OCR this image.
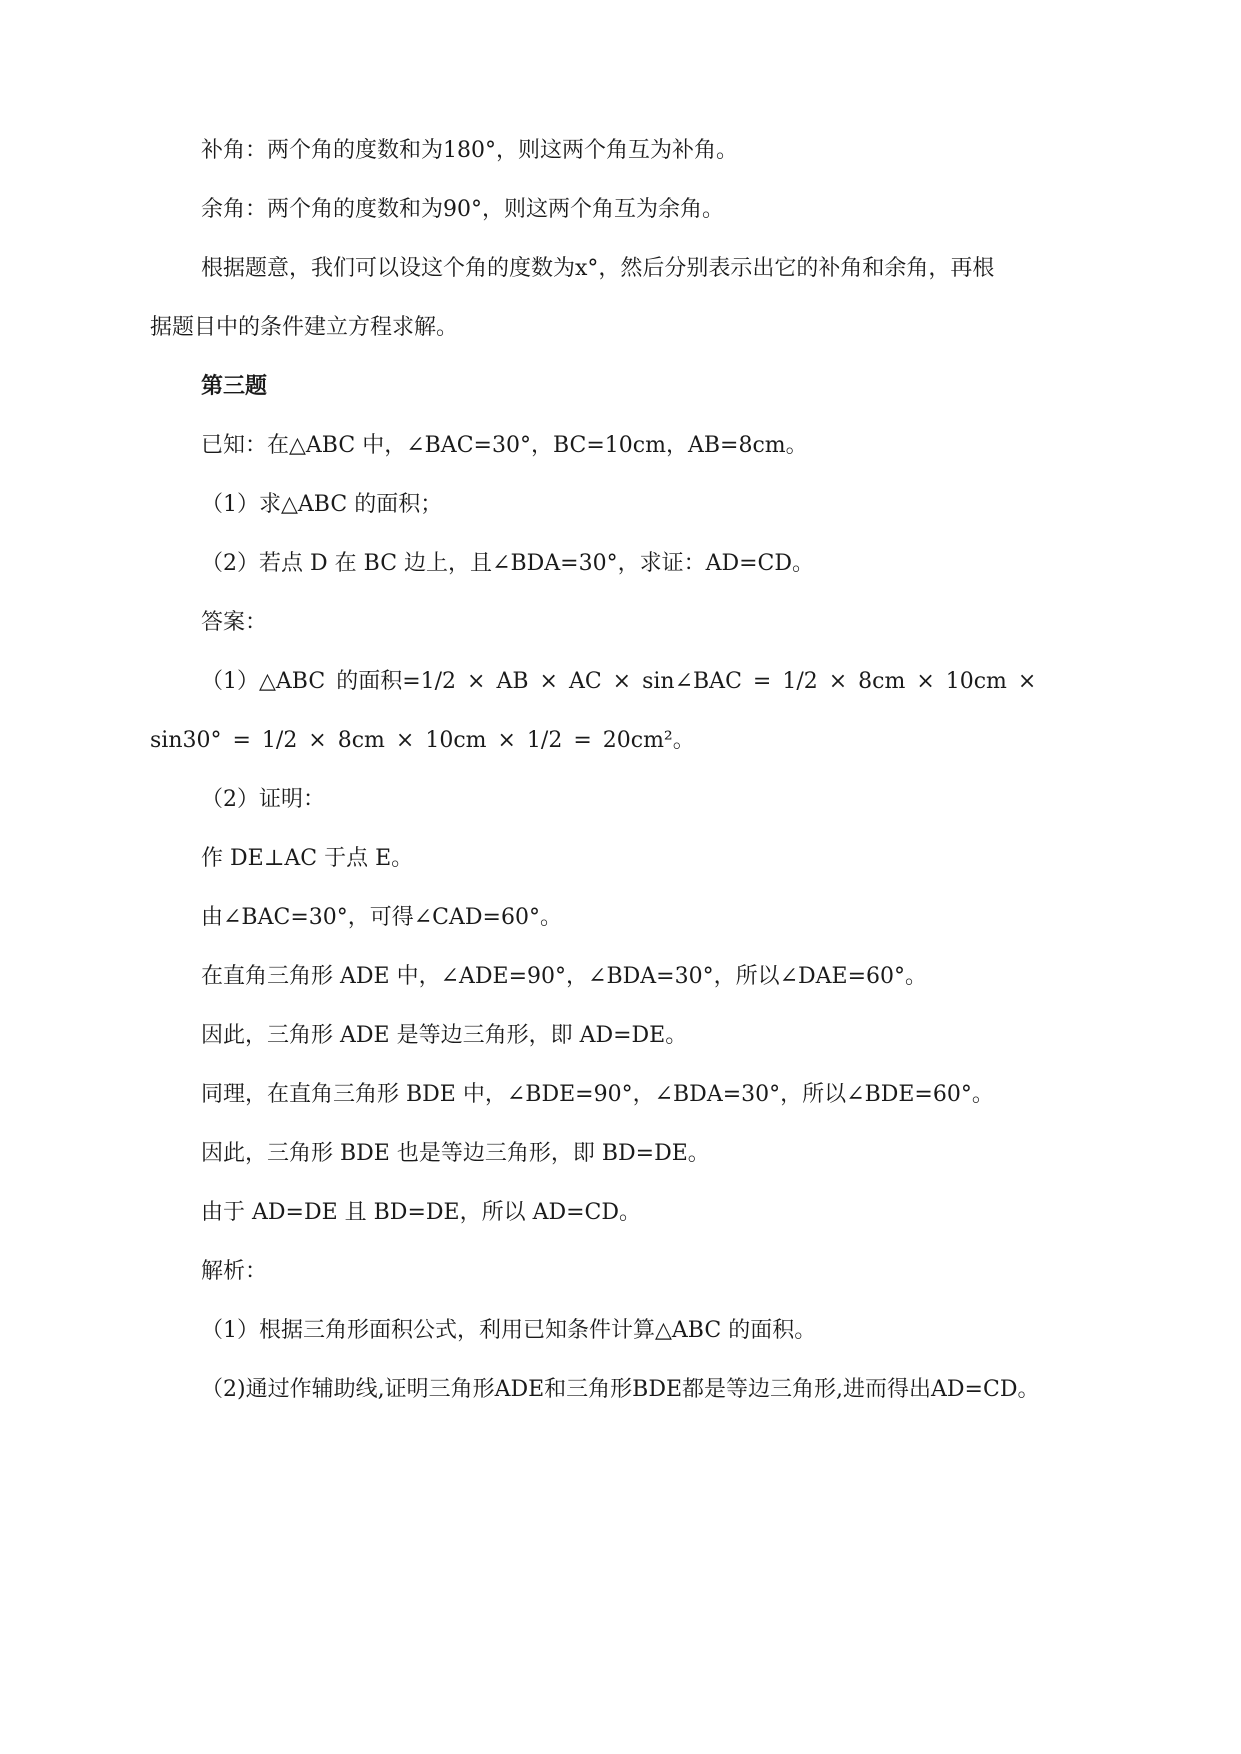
补角：两个角的度数和为180°，则这两个角互为补角。
余角：两个角的度数和为90°，则这两个角互为余角。
根据题意，我们可以设这个角的度数为x°，然后分别表示出它的补角和余角，再根
据题目中的条件建立方程求解。
第三题
已知：在△ABC 中，∠BAC=30°，BC=10cm，AB=8cm。
（1）求△ABC 的面积；
（2）若点 D 在 BC 边上，且∠BDA=30°，求证：AD=CD。
答案：
（1）△ABC 的面积=1/2 × AB × AC × sin∠BAC = 1/2 × 8cm × 10cm ×
sin30° = 1/2 × 8cm × 10cm × 1/2 = 20cm²。
（2）证明：
作 DE⊥AC 于点 E。
由∠BAC=30°，可得∠CAD=60°。
在直角三角形 ADE 中，∠ADE=90°，∠BDA=30°，所以∠DAE=60°。
因此，三角形 ADE 是等边三角形，即 AD=DE。
同理，在直角三角形 BDE 中，∠BDE=90°，∠BDA=30°，所以∠BDE=60°。
因此，三角形 BDE 也是等边三角形，即 BD=DE。
由于 AD=DE 且 BD=DE，所以 AD=CD。
解析：
（1）根据三角形面积公式，利用已知条件计算△ABC 的面积。
（2)通过作辅助线,证明三角形ADE和三角形BDE都是等边三角形,进而得出AD=CD。
